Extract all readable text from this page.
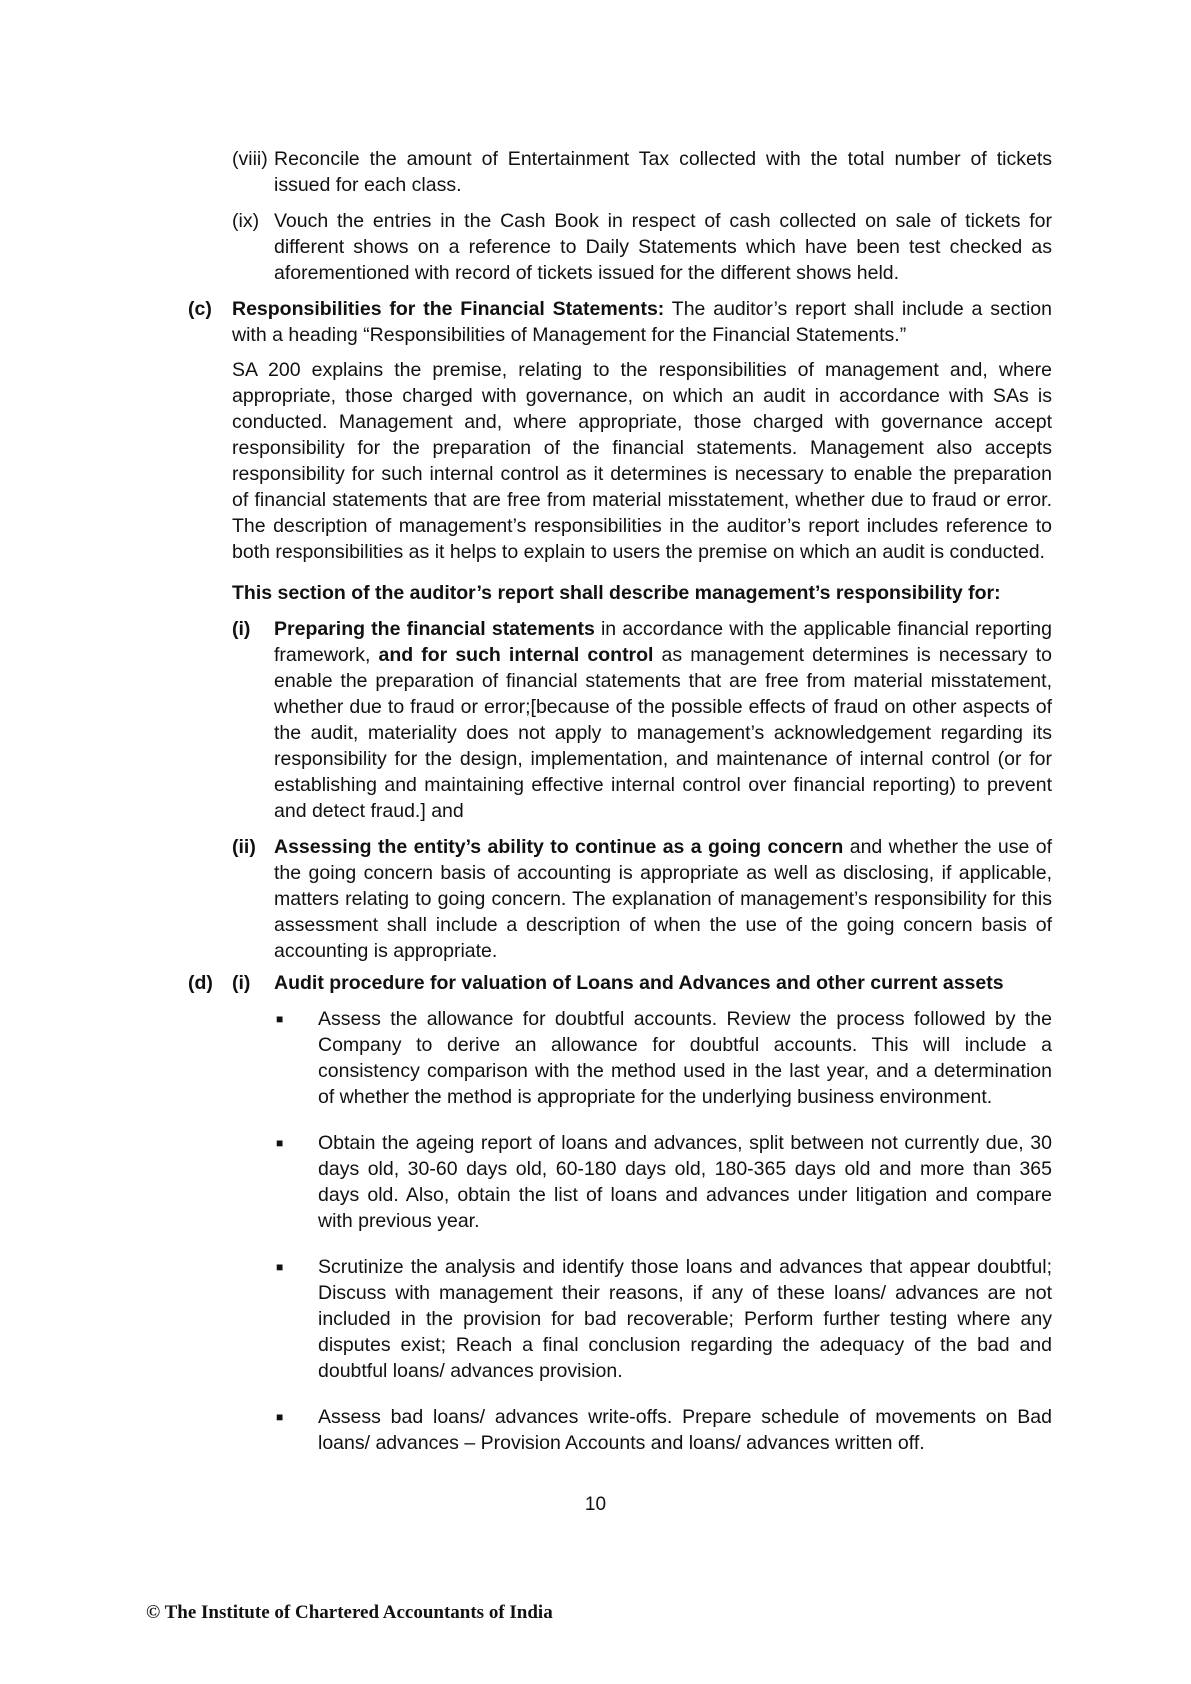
(viii) Reconcile the amount of Entertainment Tax collected with the total number of tickets issued for each class.
(ix) Vouch the entries in the Cash Book in respect of cash collected on sale of tickets for different shows on a reference to Daily Statements which have been test checked as aforementioned with record of tickets issued for the different shows held.
(c)	Responsibilities for the Financial Statements: The auditor’s report shall include a section with a heading “Responsibilities of Management for the Financial Statements.”
SA 200 explains the premise, relating to the responsibilities of management and, where appropriate, those charged with governance, on which an audit in accordance with SAs is conducted. Management and, where appropriate, those charged with governance accept responsibility for the preparation of the financial statements. Management also accepts responsibility for such internal control as it determines is necessary to enable the preparation of financial statements that are free from material misstatement, whether due to fraud or error. The description of management’s responsibilities in the auditor’s report includes reference to both responsibilities as it helps to explain to users the premise on which an audit is conducted.
This section of the auditor’s report shall describe management’s responsibility for:
(i)	Preparing the financial statements in accordance with the applicable financial reporting framework, and for such internal control as management determines is necessary to enable the preparation of financial statements that are free from material misstatement, whether due to fraud or error;[because of the possible effects of fraud on other aspects of the audit, materiality does not apply to management’s acknowledgement regarding its responsibility for the design, implementation, and maintenance of internal control (or for establishing and maintaining effective internal control over financial reporting) to prevent and detect fraud.] and
(ii) Assessing the entity’s ability to continue as a going concern and whether the use of the going concern basis of accounting is appropriate as well as disclosing, if applicable, matters relating to going concern. The explanation of management’s responsibility for this assessment shall include a description of when the use of the going concern basis of accounting is appropriate.
(d) (i)	Audit procedure for valuation of Loans and Advances and other current assets
■	Assess the allowance for doubtful accounts. Review the process followed by the Company to derive an allowance for doubtful accounts. This will include a consistency comparison with the method used in the last year, and a determination of whether the method is appropriate for the underlying business environment.
■	Obtain the ageing report of loans and advances, split between not currently due, 30 days old, 30-60 days old, 60-180 days old, 180-365 days old and more than 365 days old. Also, obtain the list of loans and advances under litigation and compare with previous year.
■	Scrutinize the analysis and identify those loans and advances that appear doubtful; Discuss with management their reasons, if any of these loans/ advances are not included in the provision for bad recoverable; Perform further testing where any disputes exist; Reach a final conclusion regarding the adequacy of the bad and doubtful loans/ advances provision.
■	Assess bad loans/ advances write-offs. Prepare schedule of movements on Bad loans/ advances – Provision Accounts and loans/ advances written off.
10
© The Institute of Chartered Accountants of India
